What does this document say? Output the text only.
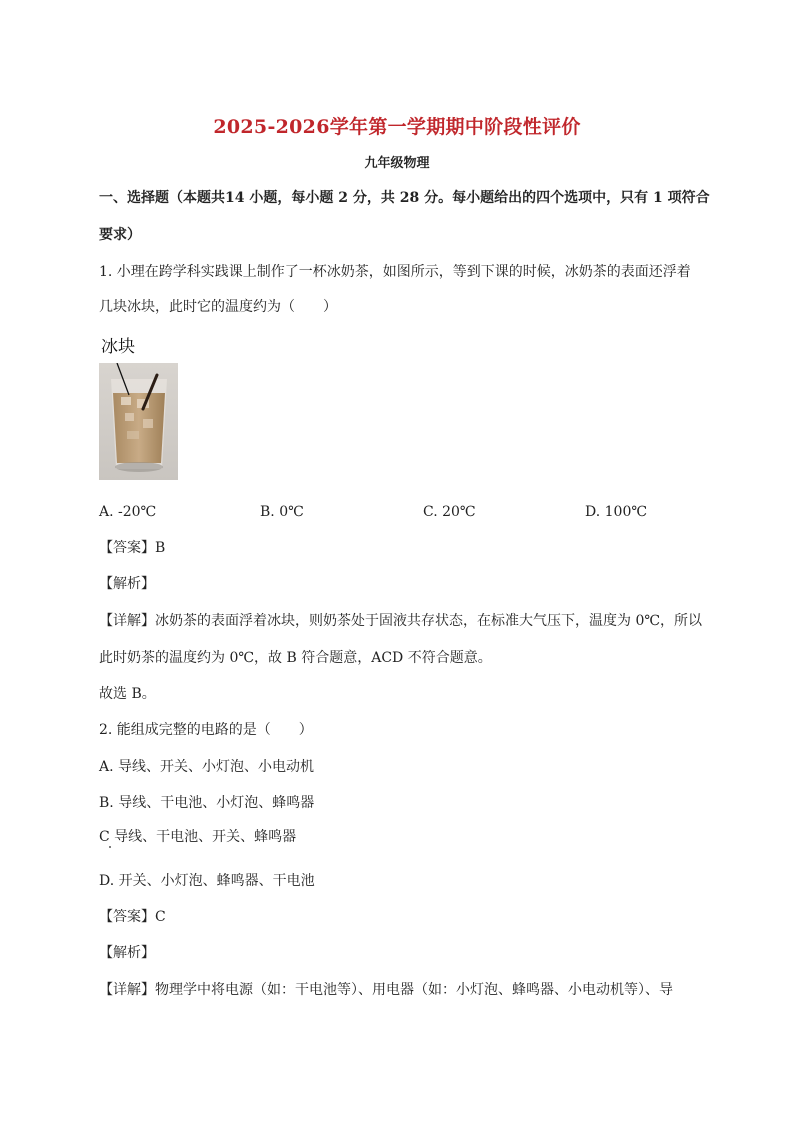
2025-2026学年第一学期期中阶段性评价
九年级物理
一、选择题（本题共14 小题，每小题 2 分，共 28 分。每小题给出的四个选项中，只有 1 项符合
要求）
1. 小理在跨学科实践课上制作了一杯冰奶茶，如图所示，等到下课的时候，冰奶茶的表面还浮着
几块冰块，此时它的温度约为（　　）
冰块
A. -20℃	B. 0℃	C. 20℃	D. 100℃
【答案】B
【解析】
【详解】冰奶茶的表面浮着冰块，则奶茶处于固液共存状态，在标准大气压下，温度为 0℃，所以
此时奶茶的温度约为 0℃，故 B 符合题意，ACD 不符合题意。
故选 B。
2. 能组成完整的电路的是（　　）
A. 导线、开关、小灯泡、小电动机
B. 导线、干电池、小灯泡、蜂鸣器
C 导线、干电池、开关、蜂鸣器
D. 开关、小灯泡、蜂鸣器、干电池
【答案】C
【解析】
【详解】物理学中将电源（如：干电池等）、用电器（如：小灯泡、蜂鸣器、小电动机等）、导
